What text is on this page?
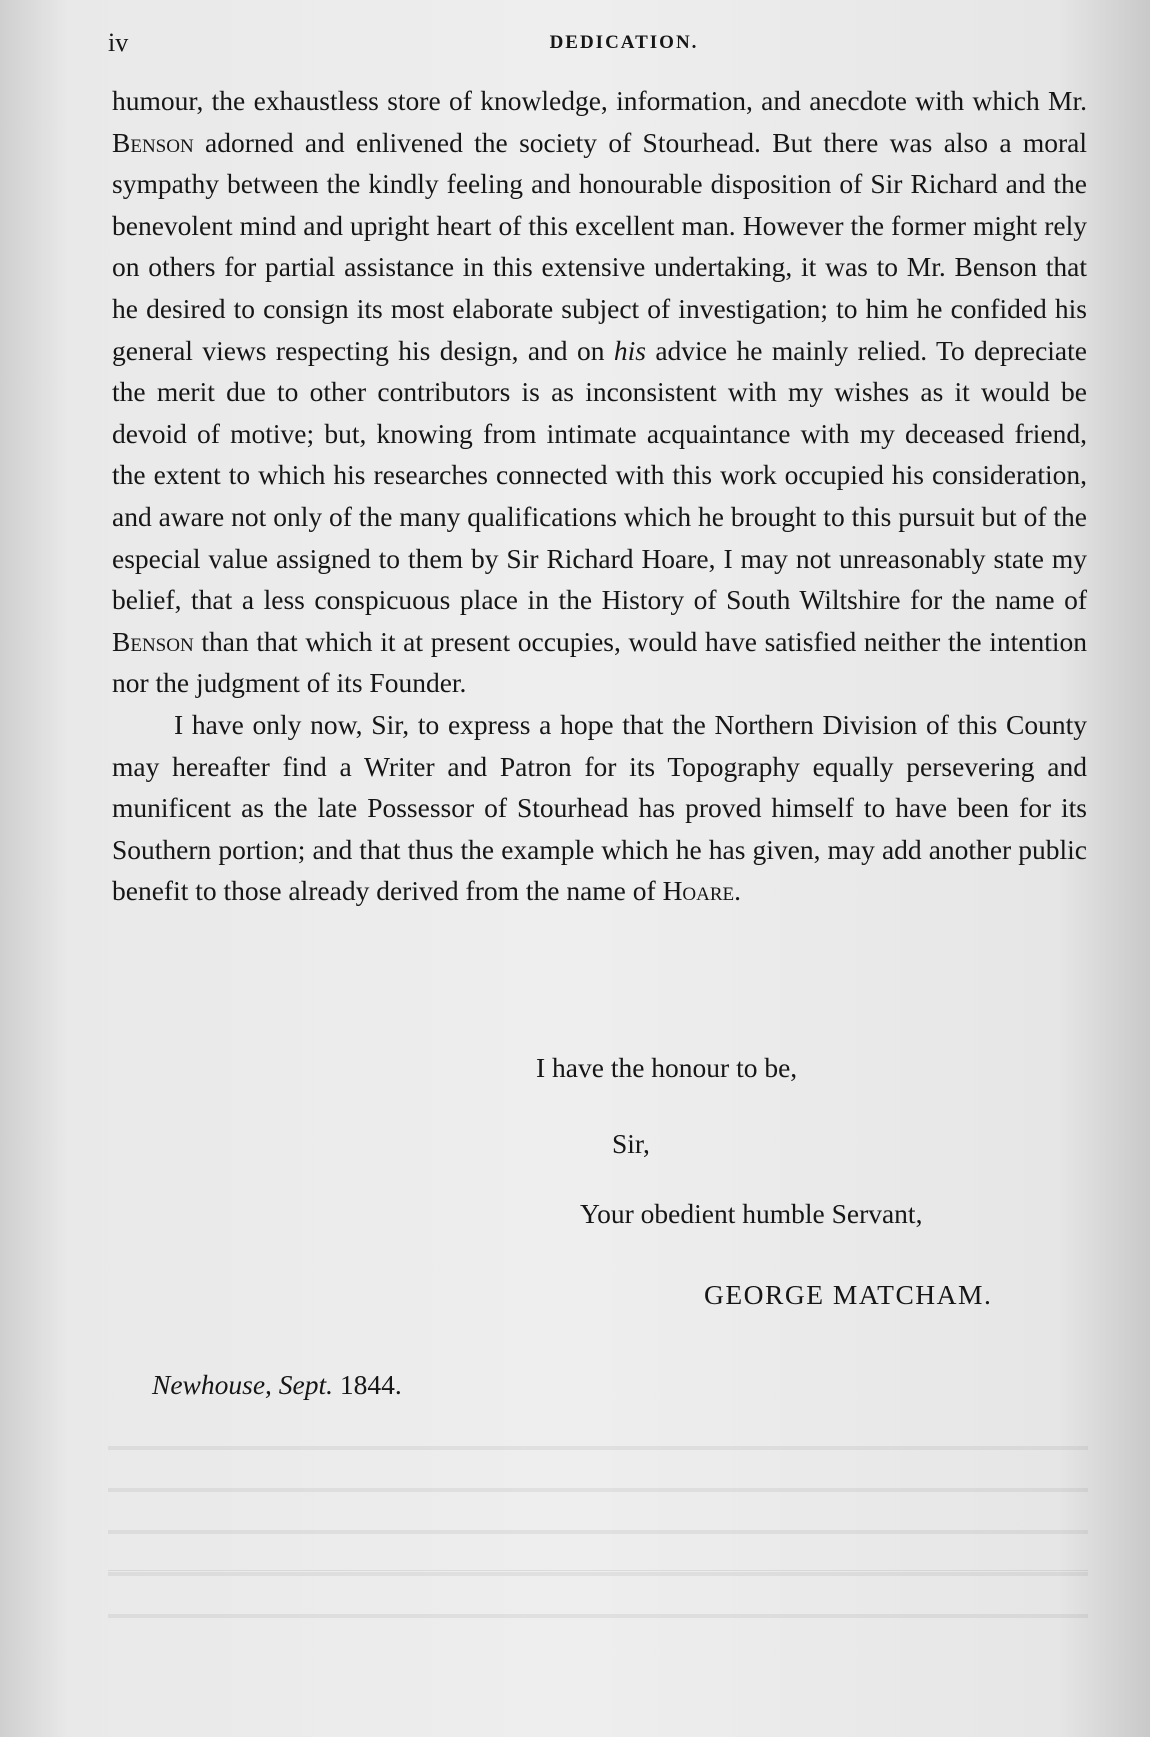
iv	DEDICATION.

humour, the exhaustless store of knowledge, information, and anecdote with which Mr. Benson adorned and enlivened the society of Stourhead. But there was also a moral sympathy between the kindly feeling and honourable disposition of Sir Richard and the benevolent mind and upright heart of this excellent man. However the former might rely on others for partial assistance in this extensive undertaking, it was to Mr. Benson that he desired to consign its most elaborate subject of investigation; to him he confided his general views respecting his design, and on his advice he mainly relied. To depreciate the merit due to other contributors is as inconsistent with my wishes as it would be devoid of motive; but, knowing from intimate acquaintance with my deceased friend, the extent to which his researches connected with this work occupied his consideration, and aware not only of the many qualifications which he brought to this pursuit but of the especial value assigned to them by Sir Richard Hoare, I may not unreasonably state my belief, that a less conspicuous place in the History of South Wiltshire for the name of Benson than that which it at present occupies, would have satisfied neither the intention nor the judgment of its Founder.

I have only now, Sir, to express a hope that the Northern Division of this County may hereafter find a Writer and Patron for its Topography equally persevering and munificent as the late Possessor of Stourhead has proved himself to have been for its Southern portion; and that thus the example which he has given, may add another public benefit to those already derived from the name of Hoare.

I have the honour to be,
Sir,
Your obedient humble Servant,
GEORGE MATCHAM.
Newhouse, Sept. 1844.
